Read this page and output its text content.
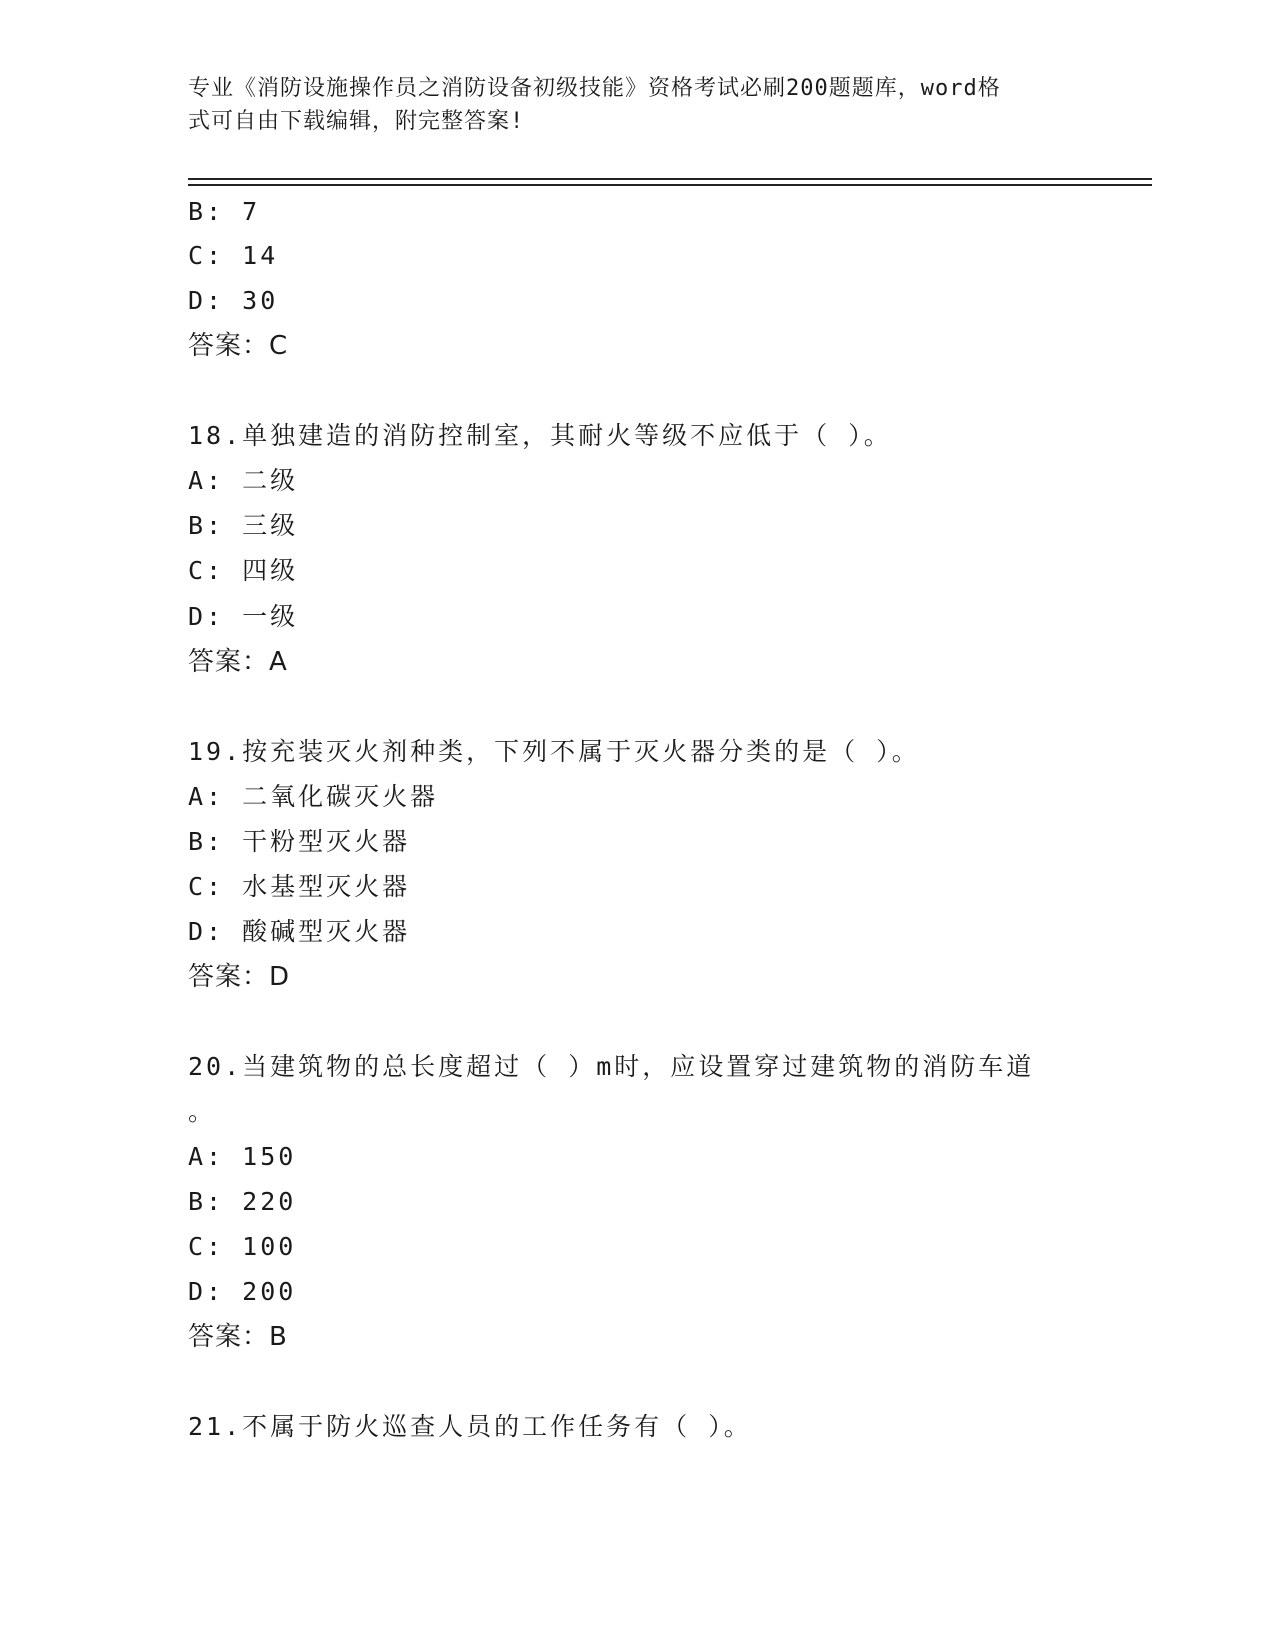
专业《消防设施操作员之消防设备初级技能》资格考试必刷200题题库，word格
式可自由下载编辑，附完整答案!
B: 7
C: 14
D: 30
答案：C
18.单独建造的消防控制室，其耐火等级不应低于（ ）。
A: 二级
B: 三级
C: 四级
D: 一级
答案：A
19.按充装灭火剂种类，下列不属于灭火器分类的是（ ）。
A: 二氧化碳灭火器
B: 干粉型灭火器
C: 水基型灭火器
D: 酸碱型灭火器
答案：D
20.当建筑物的总长度超过（ ）m时，应设置穿过建筑物的消防车道
。
A: 150
B: 220
C: 100
D: 200
答案：B
21.不属于防火巡查人员的工作任务有（ ）。
